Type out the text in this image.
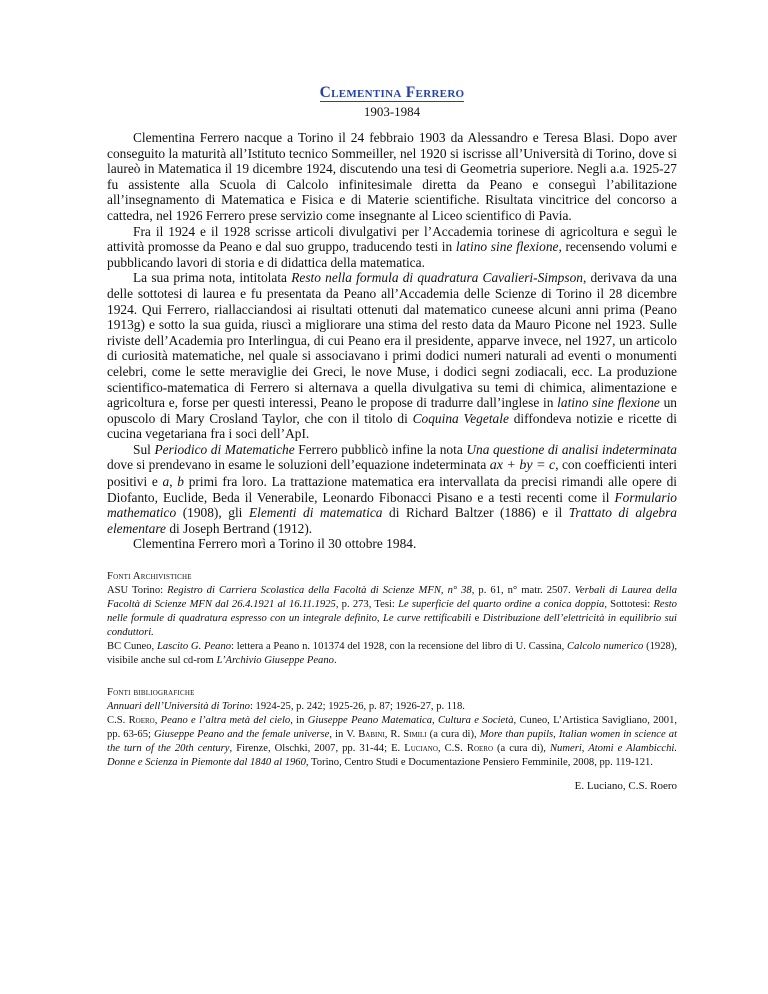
Clementina Ferrero
1903-1984

Clementina Ferrero nacque a Torino il 24 febbraio 1903 da Alessandro e Teresa Blasi. Dopo aver conseguito la maturità all’Istituto tecnico Sommeiller, nel 1920 si iscrisse all’Università di Torino, dove si laureò in Matematica il 19 dicembre 1924, discutendo una tesi di Geometria superiore. Negli a.a. 1925-27 fu assistente alla Scuola di Calcolo infinitesimale diretta da Peano e conseguì l’abilitazione all’insegnamento di Matematica e Fisica e di Materie scientifiche. Risultata vincitrice del concorso a cattedra, nel 1926 Ferrero prese servizio come insegnante al Liceo scientifico di Pavia.

Fra il 1924 e il 1928 scrisse articoli divulgativi per l’Accademia torinese di agricoltura e seguì le attività promosse da Peano e dal suo gruppo, traducendo testi in latino sine flexione, recensendo volumi e pubblicando lavori di storia e di didattica della matematica.

La sua prima nota, intitolata Resto nella formula di quadratura Cavalieri-Simpson, derivava da una delle sottotesi di laurea e fu presentata da Peano all’Accademia delle Scienze di Torino il 28 dicembre 1924. Qui Ferrero, riallacciandosi ai risultati ottenuti dal matematico cuneese alcuni anni prima (Peano 1913g) e sotto la sua guida, riuscì a migliorare una stima del resto data da Mauro Picone nel 1923. Sulle riviste dell’Academia pro Interlingua, di cui Peano era il presidente, apparve invece, nel 1927, un articolo di curiosità matematiche, nel quale si associavano i primi dodici numeri naturali ad eventi o monumenti celebri, come le sette meraviglie dei Greci, le nove Muse, i dodici segni zodiacali, ecc. La produzione scientifico-matematica di Ferrero si alternava a quella divulgativa su temi di chimica, alimentazione e agricoltura e, forse per questi interessi, Peano le propose di tradurre dall’inglese in latino sine flexione un opuscolo di Mary Crosland Taylor, che con il titolo di Coquina Vegetale diffondeva notizie e ricette di cucina vegetariana fra i soci dell’ApI.

Sul Periodico di Matematiche Ferrero pubblicò infine la nota Una questione di analisi indeterminata dove si prendevano in esame le soluzioni dell’equazione indeterminata ax + by = c, con coefficienti interi positivi e a, b primi fra loro. La trattazione matematica era intervallata da precisi rimandi alle opere di Diofanto, Euclide, Beda il Venerabile, Leonardo Fibonacci Pisano e a testi recenti come il Formulario mathematico (1908), gli Elementi di matematica di Richard Baltzer (1886) e il Trattato di algebra elementare di Joseph Bertrand (1912).

Clementina Ferrero morì a Torino il 30 ottobre 1984.

Fonti Archivistiche

ASU Torino: Registro di Carriera Scolastica della Facoltà di Scienze MFN, n° 38, p. 61, n° matr. 2507. Verbali di Laurea della Facoltà di Scienze MFN dal 26.4.1921 al 16.11.1925, p. 273, Tesi: Le superficie del quarto ordine a conica doppia, Sottotesi: Resto nelle formule di quadratura espresso con un integrale definito, Le curve rettificabili e Distribuzione dell’elettricità in equilibrio sui conduttori.

BC Cuneo, Lascito G. Peano: lettera a Peano n. 101374 del 1928, con la recensione del libro di U. Cassina, Calcolo numerico (1928), visibile anche sul cd-rom L’Archivio Giuseppe Peano.

Fonti bibliografiche

Annuari dell’Università di Torino: 1924-25, p. 242; 1925-26, p. 87; 1926-27, p. 118.

C.S. Roero, Peano e l’altra metà del cielo, in Giuseppe Peano Matematica, Cultura e Società, Cuneo, L’Artistica Savigliano, 2001, pp. 63-65; Giuseppe Peano and the female universe, in V. Babini, R. Simili (a cura di), More than pupils, Italian women in science at the turn of the 20th century, Firenze, Olschki, 2007, pp. 31-44; E. Luciano, C.S. Roero (a cura di), Numeri, Atomi e Alambicchi. Donne e Scienza in Piemonte dal 1840 al 1960, Torino, Centro Studi e Documentazione Pensiero Femminile, 2008, pp. 119-121.

E. Luciano, C.S. Roero
